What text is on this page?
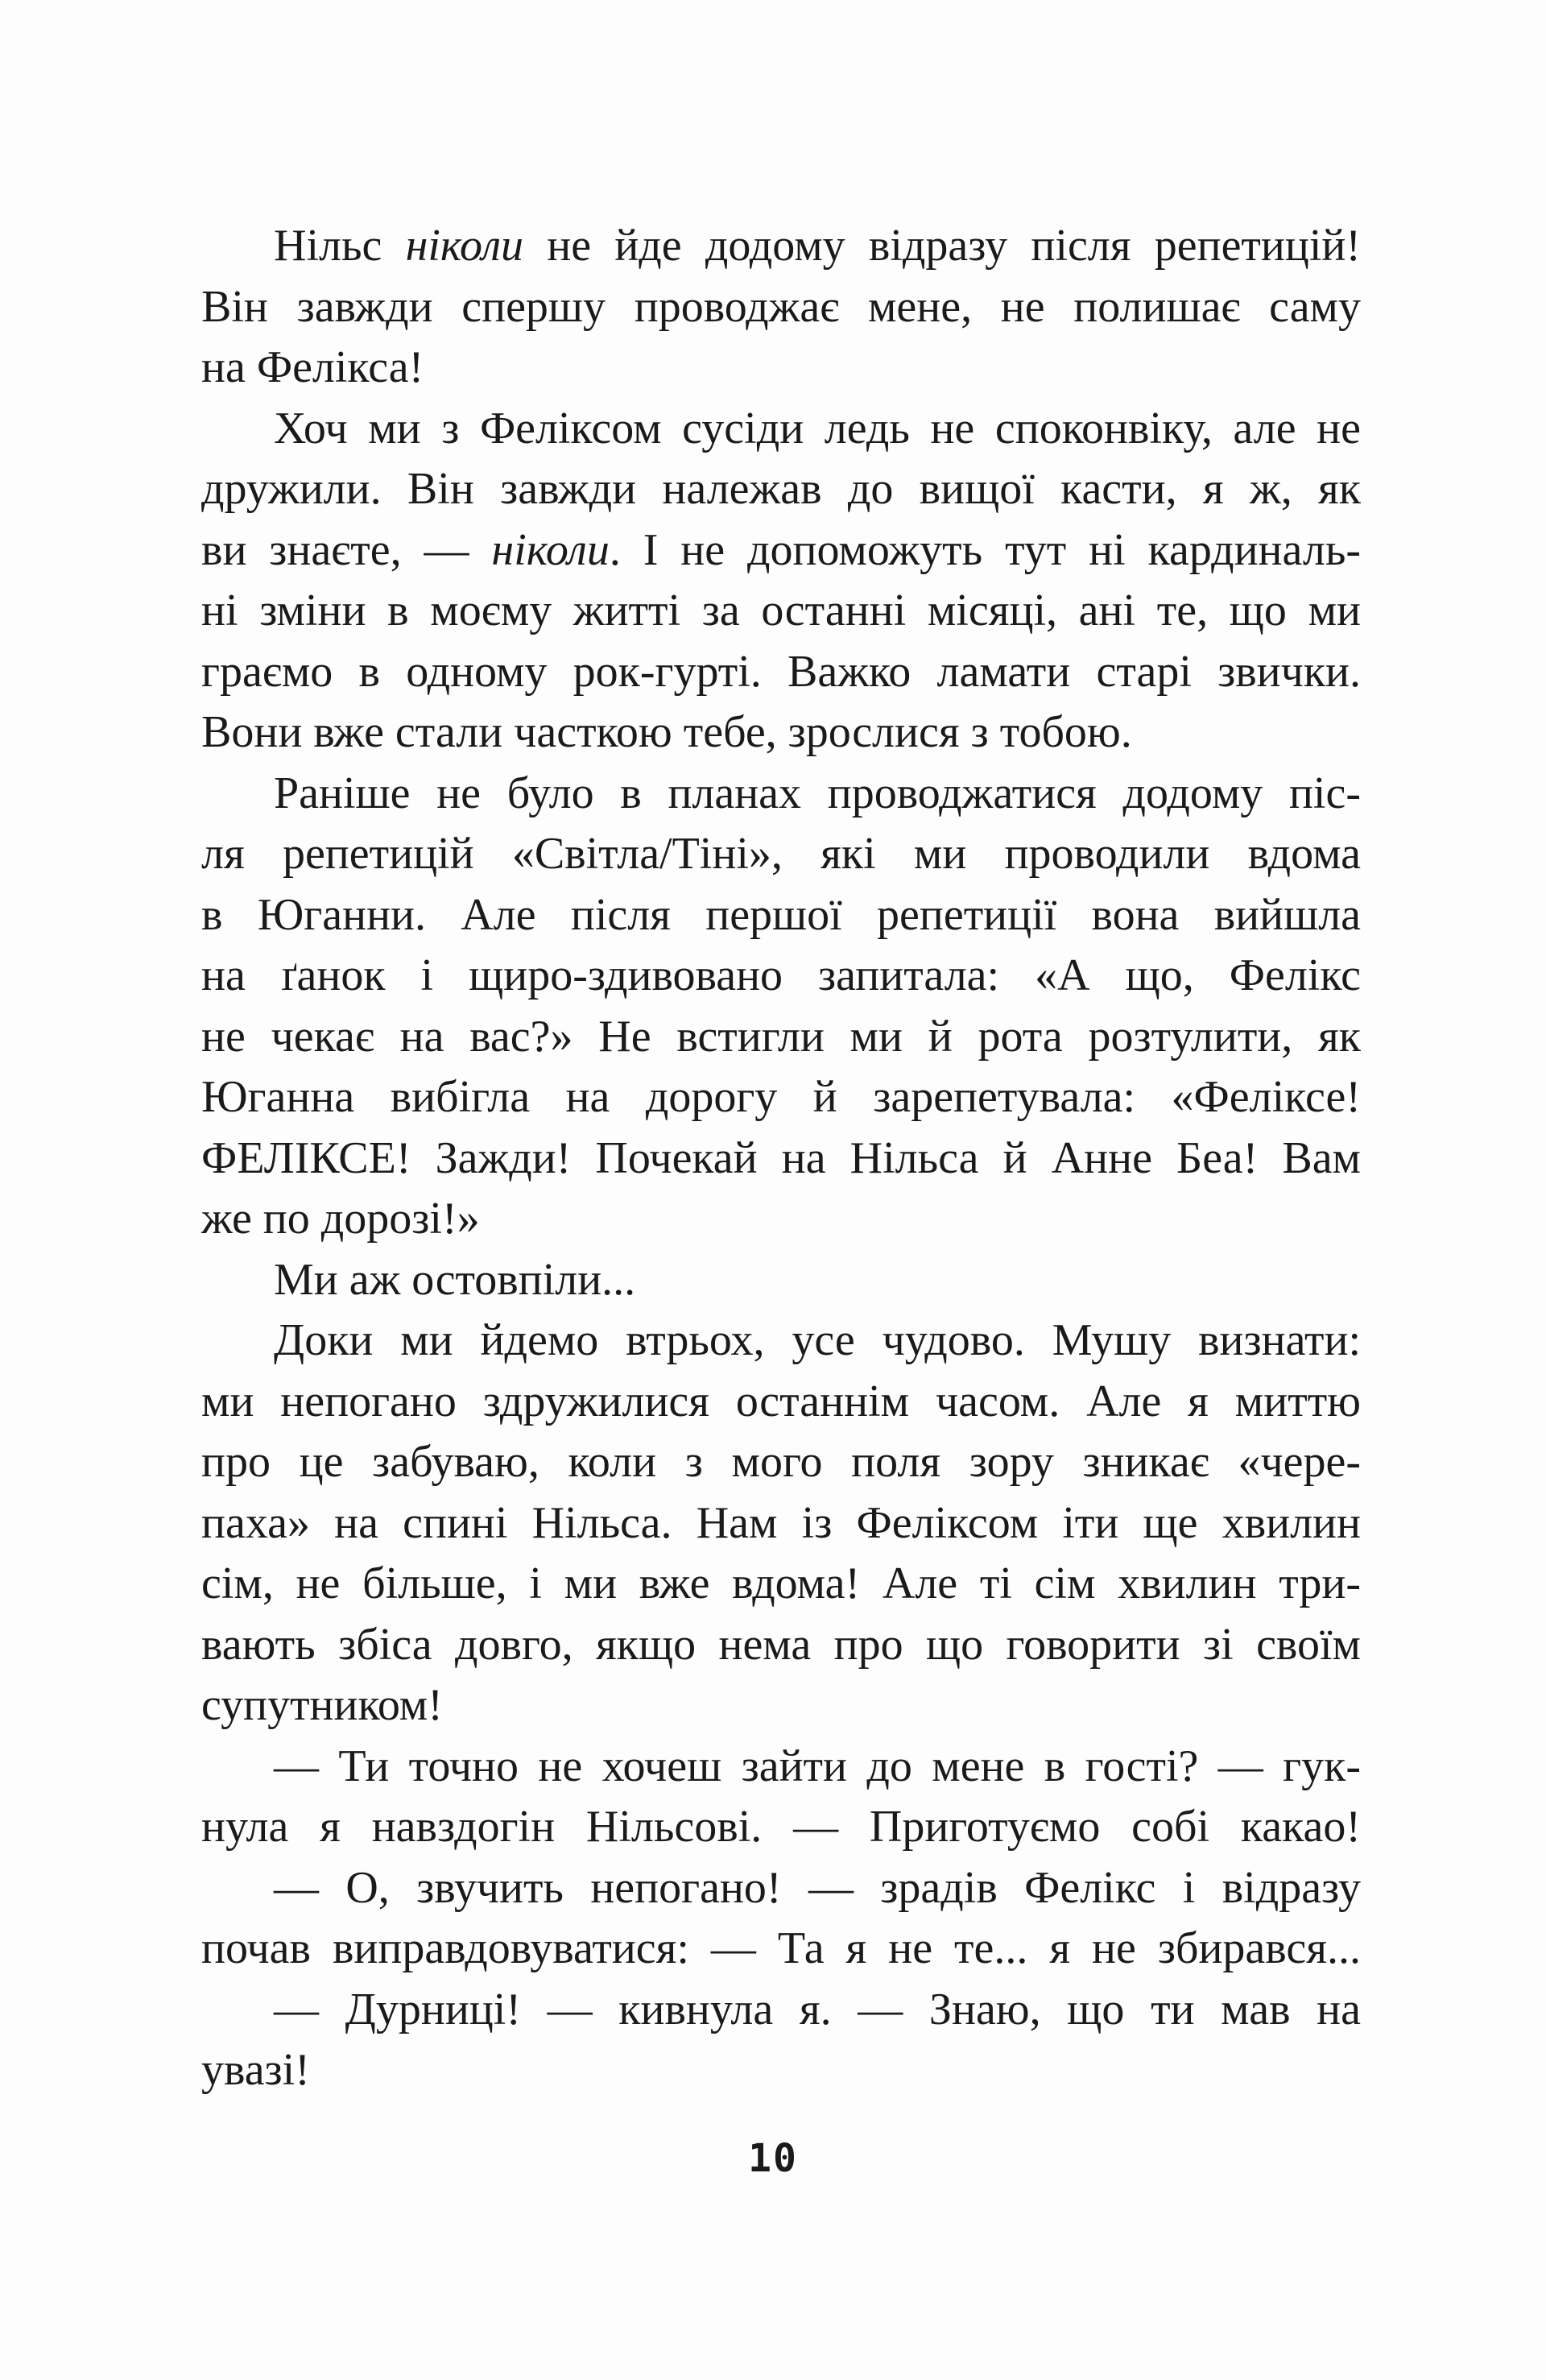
Нільс ніколи не йде додому відразу після репетицій!
Він завжди спершу проводжає мене, не полишає саму
на Фелікса!
Хоч ми з Феліксом сусіди ледь не споконвіку, але не
дружили. Він завжди належав до вищої касти, я ж, як
ви знаєте, — ніколи. І не допоможуть тут ні кардиналь-
ні зміни в моєму житті за останні місяці, ані те, що ми
граємо в одному рок-гурті. Важко ламати старі звички.
Вони вже стали часткою тебе, зрослися з тобою.
Раніше не було в планах проводжатися додому піс-
ля репетицій «Світла/Тіні», які ми проводили вдома
в Юганни. Але після першої репетиції вона вийшла
на ґанок і щиро-здивовано запитала: «А що, Фелікс
не чекає на вас?» Не встигли ми й рота розтулити, як
Юганна вибігла на дорогу й зарепетувала: «Феліксе!
ФЕЛІКСЕ! Зажди! Почекай на Нільса й Анне Беа! Вам
же по дорозі!»
Ми аж остовпіли...
Доки ми йдемо втрьох, усе чудово. Мушу визнати:
ми непогано здружилися останнім часом. Але я миттю
про це забуваю, коли з мого поля зору зникає «чере-
паха» на спині Нільса. Нам із Феліксом іти ще хвилин
сім, не більше, і ми вже вдома! Але ті сім хвилин три-
вають збіса довго, якщо нема про що говорити зі своїм
супутником!
— Ти точно не хочеш зайти до мене в гості? — гук-
нула я навздогін Нільсові. — Приготуємо собі какао!
— О, звучить непогано! — зрадів Фелікс і відразу
почав виправдовуватися: — Та я не те... я не збирався...
— Дурниці! — кивнула я. — Знаю, що ти мав на
увазі!
10
